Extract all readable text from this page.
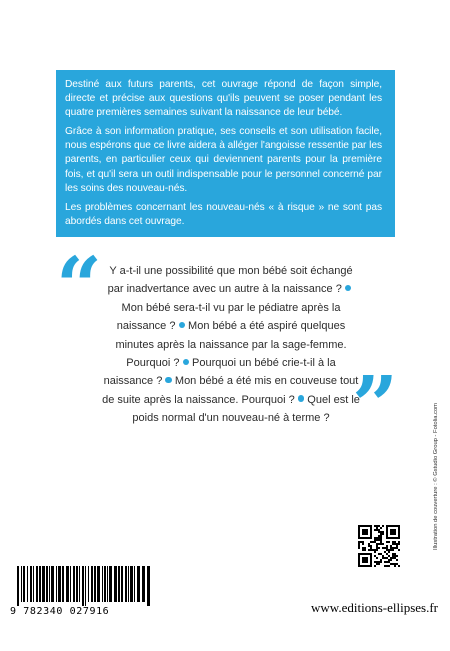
Destiné aux futurs parents, cet ouvrage répond de façon simple, directe et précise aux questions qu'ils peuvent se poser pendant les quatre premières semaines suivant la naissance de leur bébé.

Grâce à son information pratique, ses conseils et son utilisation facile, nous espérons que ce livre aidera à alléger l'angoisse ressentie par les parents, en particulier ceux qui deviennent parents pour la première fois, et qu'il sera un outil indispensable pour le personnel concerné par les soins des nouveau-nés.

Les problèmes concernant les nouveau-nés « à risque » ne sont pas abordés dans cet ouvrage.

“ Y a-t-il une possibilité que mon bébé soit échangé par inadvertance avec un autre à la naissance ? Mon bébé sera-t-il vu par le pédiatre après la naissance ? Mon bébé a été aspiré quelques minutes après la naissance par la sage-femme. Pourquoi ? Pourquoi un bébé crie-t-il à la naissance ? Mon bébé a été mis en couveuse tout de suite après la naissance. Pourquoi ? Quel est le poids normal d'un nouveau-né à terme ? ”	Illustration de couverture : © Gstudio Group - Fotolia.com
9 782340 027916	www.editions-ellipses.fr
